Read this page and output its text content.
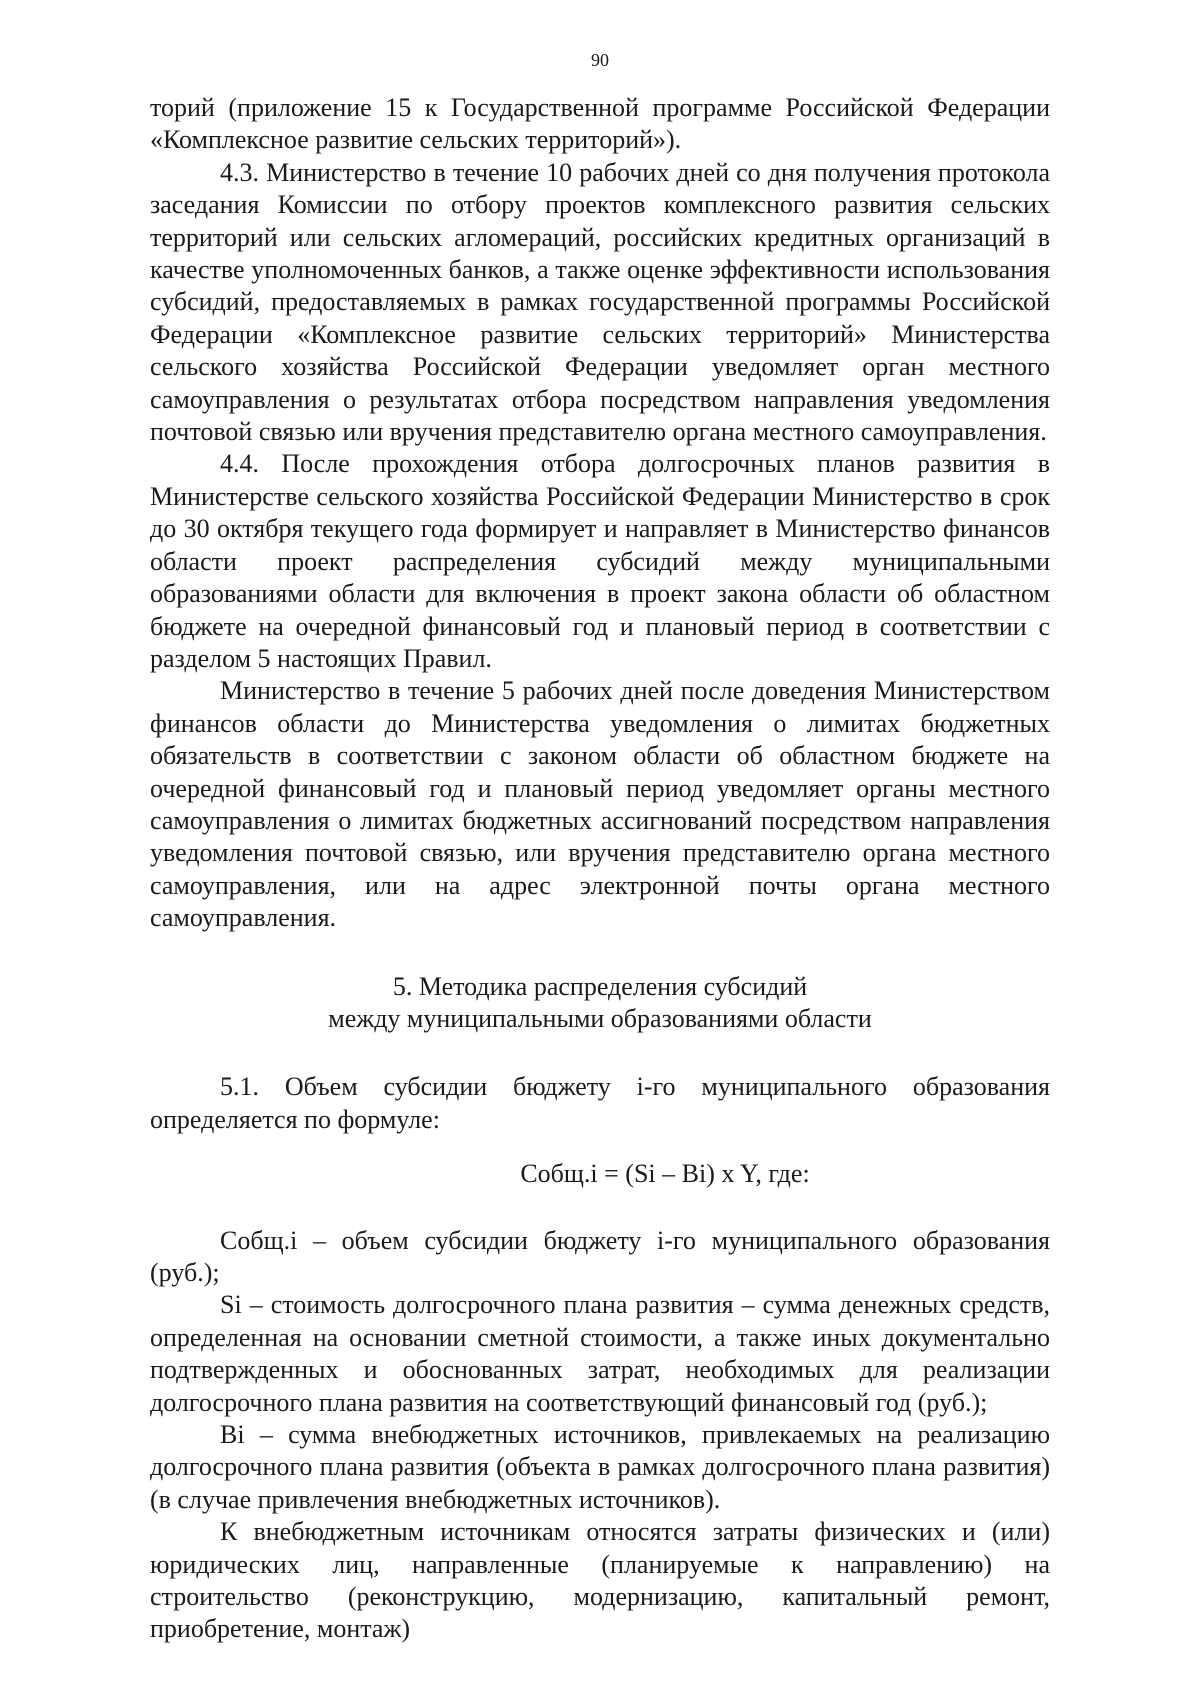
90

торий (приложение 15 к Государственной программе Российской Федерации «Комплексное развитие сельских территорий»).

4.3. Министерство в течение 10 рабочих дней со дня получения протокола заседания Комиссии по отбору проектов комплексного развития сельских территорий или сельских агломераций, российских кредитных организаций в качестве уполномоченных банков, а также оценке эффективности использования субсидий, предоставляемых в рамках государственной программы Российской Федерации «Комплексное развитие сельских территорий» Министерства сельского хозяйства Российской Федерации уведомляет орган местного самоуправления о результатах отбора посредством направления уведомления почтовой связью или вручения представителю органа местного самоуправления.

4.4. После прохождения отбора долгосрочных планов развития в Министерстве сельского хозяйства Российской Федерации Министерство в срок до 30 октября текущего года формирует и направляет в Министерство финансов области проект распределения субсидий между муниципальными образованиями области для включения в проект закона области об областном бюджете на очередной финансовый год и плановый период в соответствии с разделом 5 настоящих Правил.

Министерство в течение 5 рабочих дней после доведения Министерством финансов области до Министерства уведомления о лимитах бюджетных обязательств в соответствии с законом области об областном бюджете на очередной финансовый год и плановый период уведомляет органы местного самоуправления о лимитах бюджетных ассигнований посредством направления уведомления почтовой связью, или вручения представителю органа местного самоуправления, или на адрес электронной почты органа местного самоуправления.

5. Методика распределения субсидий
между муниципальными образованиями области

5.1. Объем субсидии бюджету i-го муниципального образования определяется по формуле:

Собщ.i = (Si – Bi) x Y, где:

Собщ.i – объем субсидии бюджету i-го муниципального образования (руб.);

Si – стоимость долгосрочного плана развития – сумма денежных средств, определенная на основании сметной стоимости, а также иных документально подтвержденных и обоснованных затрат, необходимых для реализации долгосрочного плана развития на соответствующий финансовый год (руб.);

Bi – сумма внебюджетных источников, привлекаемых на реализацию долгосрочного плана развития (объекта в рамках долгосрочного плана развития) (в случае привлечения внебюджетных источников).

К внебюджетным источникам относятся затраты физических и (или) юридических лиц, направленные (планируемые к направлению) на строительство (реконструкцию, модернизацию, капитальный ремонт, приобретение, монтаж)
